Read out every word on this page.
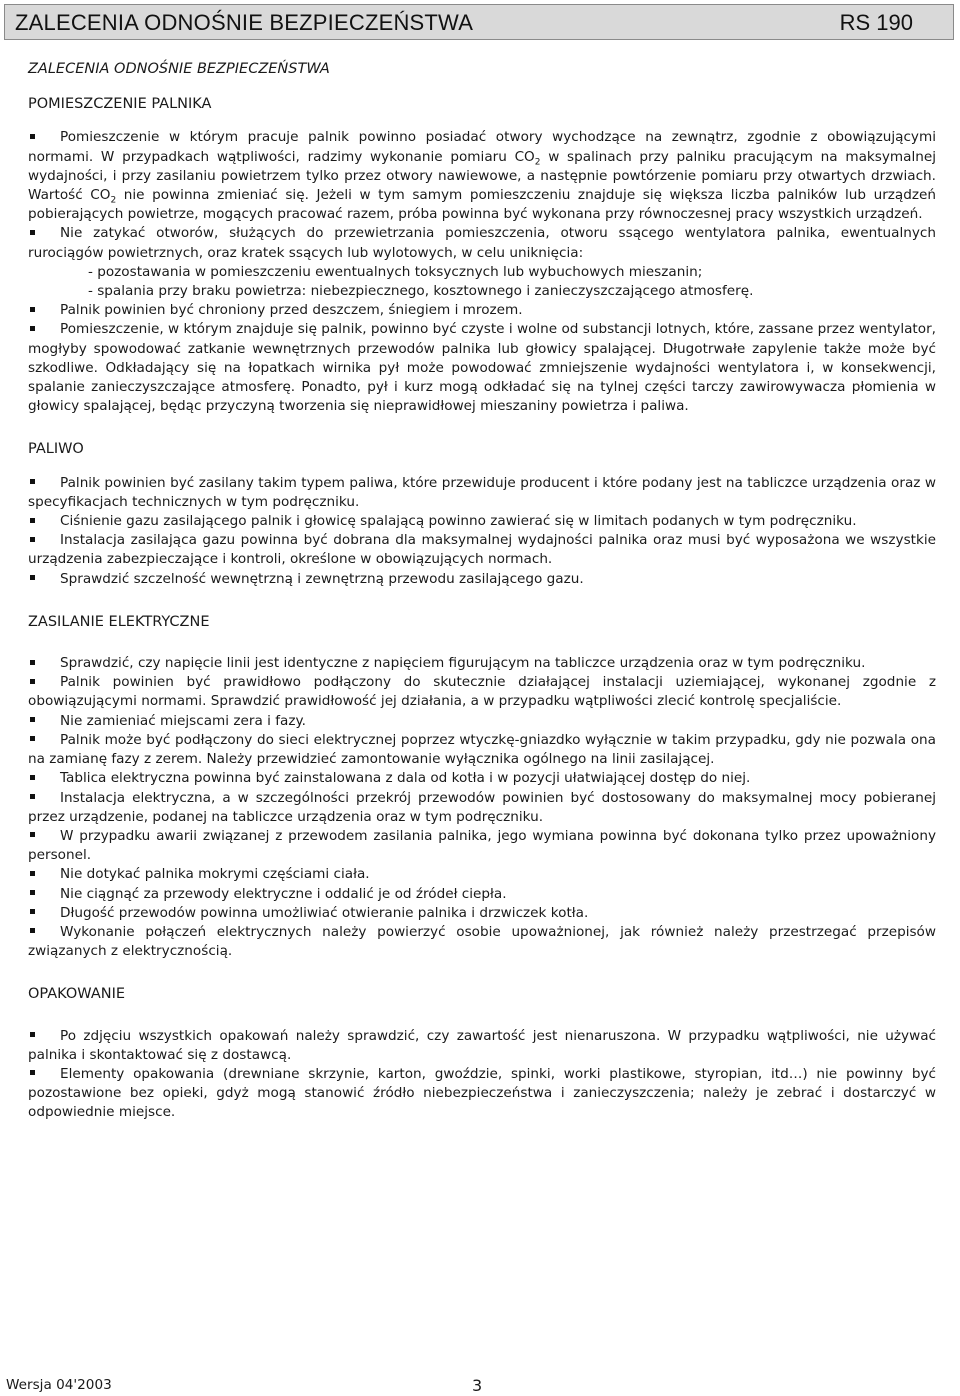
ZALECENIA ODNOŚNIE BEZPIECZEŃSTWA	RS 190
ZALECENIA ODNOŚNIE BEZPIECZEŃSTWA
POMIESZCZENIE PALNIKA

Pomieszczenie w którym pracuje palnik powinno posiadać otwory wychodzące na zewnątrz, zgodnie z obowiązującymi normami. W przypadkach wątpliwości, radzimy wykonanie pomiaru $CO_2$ w spalinach przy palniku pracującym na maksymalnej wydajności, i przy zasilaniu powietrzem tylko przez otwory nawiewowe, a następnie powtórzenie pomiaru przy otwartych drzwiach. Wartość $CO_2$ nie powinna zmieniać się. Jeżeli w tym samym pomieszczeniu znajduje się większa liczba palników lub urządzeń pobierających powietrze, mogących pracować razem, próba powinna być wykonana przy równoczesnej pracy wszystkich urządzeń.

Nie zatykać otworów, służących do przewietrzania pomieszczenia, otworu ssącego wentylatora palnika, ewentualnych rurociągów powietrznych, oraz kratek ssących lub wylotowych, w celu uniknięcia:

- pozostawania w pomieszczeniu ewentualnych toksycznych lub wybuchowych mieszanin;

- spalania przy braku powietrza: niebezpiecznego, kosztownego i zanieczyszczającego atmosferę.

Palnik powinien być chroniony przed deszczem, śniegiem i mrozem.

Pomieszczenie, w którym znajduje się palnik, powinno być czyste i wolne od substancji lotnych, które, zassane przez wentylator, mogłyby spowodować zatkanie wewnętrznych przewodów palnika lub głowicy spalającej. Długotrwałe zapylenie także może być szkodliwe. Odkładający się na łopatkach wirnika pył może powodować zmniejszenie wydajności wentylatora i, w konsekwencji, spalanie zanieczyszczające atmosferę. Ponadto, pył i kurz mogą odkładać się na tylnej części tarczy zawirowywacza płomienia w głowicy spalającej, będąc przyczyną tworzenia się nieprawidłowej mieszaniny powietrza i paliwa.

PALIWO

Palnik powinien być zasilany takim typem paliwa, które przewiduje producent i które podany jest na tabliczce urządzenia oraz w specyfikacjach technicznych w tym podręczniku.

Ciśnienie gazu zasilającego palnik i głowicę spalającą powinno zawierać się w limitach podanych w tym podręczniku.

Instalacja zasilająca gazu powinna być dobrana dla maksymalnej wydajności palnika oraz musi być wyposażona we wszystkie urządzenia zabezpieczające i kontroli, określone w obowiązujących normach.

Sprawdzić szczelność wewnętrzną i zewnętrzną przewodu zasilającego gazu.

ZASILANIE ELEKTRYCZNE

Sprawdzić, czy napięcie linii jest identyczne z napięciem figurującym na tabliczce urządzenia oraz w tym podręczniku.

Palnik powinien być prawidłowo podłączony do skutecznie działającej instalacji uziemiającej, wykonanej zgodnie z obowiązującymi normami. Sprawdzić prawidłowość jej działania, a w przypadku wątpliwości zlecić kontrolę specjaliście.

Nie zamieniać miejscami zera i fazy.

Palnik może być podłączony do sieci elektrycznej poprzez wtyczkę-gniazdko wyłącznie w takim przypadku, gdy nie pozwala ona na zamianę fazy z zerem. Należy przewidzieć zamontowanie wyłącznika ogólnego na linii zasilającej.

Tablica elektryczna powinna być zainstalowana z dala od kotła i w pozycji ułatwiającej dostęp do niej.

Instalacja elektryczna, a w szczególności przekrój przewodów powinien być dostosowany do maksymalnej mocy pobieranej przez urządzenie, podanej na tabliczce urządzenia oraz w tym podręczniku.

W przypadku awarii związanej z przewodem zasilania palnika, jego wymiana powinna być dokonana tylko przez upoważniony personel.

Nie dotykać palnika mokrymi częściami ciała.

Nie ciągnąć za przewody elektryczne i oddalić je od źródeł ciepła.

Długość przewodów powinna umożliwiać otwieranie palnika i drzwiczek kotła.

Wykonanie połączeń elektrycznych należy powierzyć osobie upoważnionej, jak również należy przestrzegać przepisów związanych z elektrycznością.

OPAKOWANIE

Po zdjęciu wszystkich opakowań należy sprawdzić, czy zawartość jest nienaruszona. W przypadku wątpliwości, nie używać palnika i skontaktować się z dostawcą.

Elementy opakowania (drewniane skrzynie, karton, gwoździe, spinki, worki plastikowe, styropian, itd…) nie powinny być pozostawione bez opieki, gdyż mogą stanowić źródło niebezpieczeństwa i zanieczyszczenia; należy je zebrać i dostarczyć w odpowiednie miejsce.

Wersja 04'2003	3
